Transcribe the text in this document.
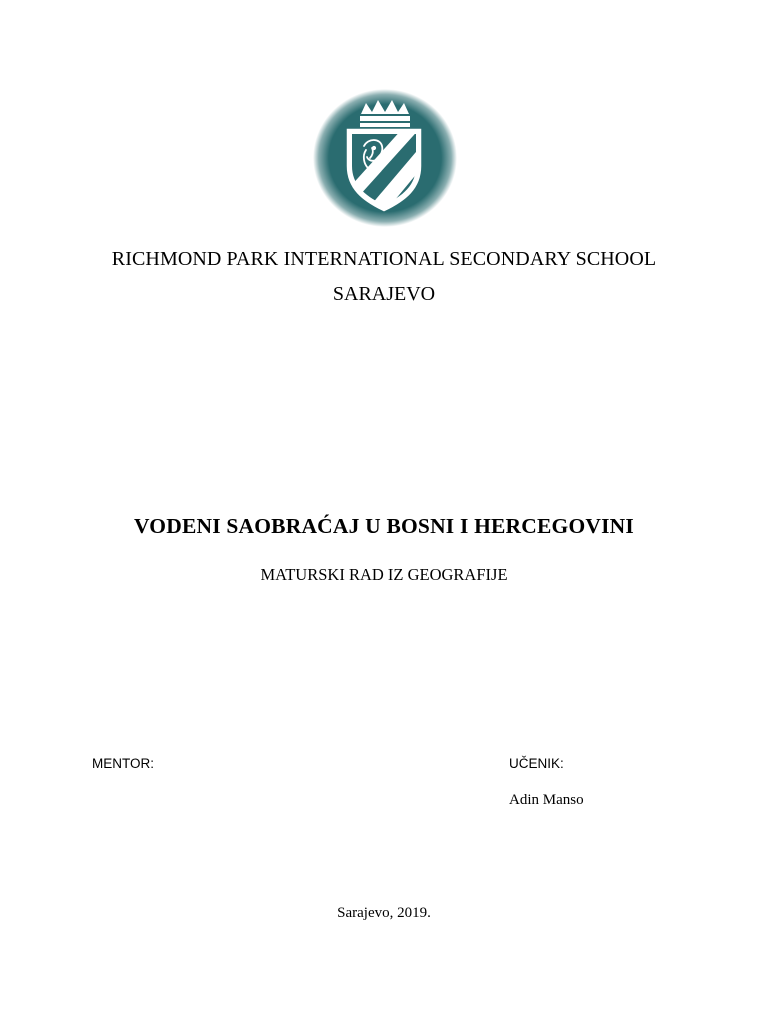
RICHMOND PARK INTERNATIONAL SECONDARY SCHOOL
SARAJEVO
VODENI SAOBRAĆAJ U BOSNI I HERCEGOVINI
MATURSKI RAD IZ GEOGRAFIJE
MENTOR:	UČENIK:
Adin Manso
Sarajevo, 2019.
